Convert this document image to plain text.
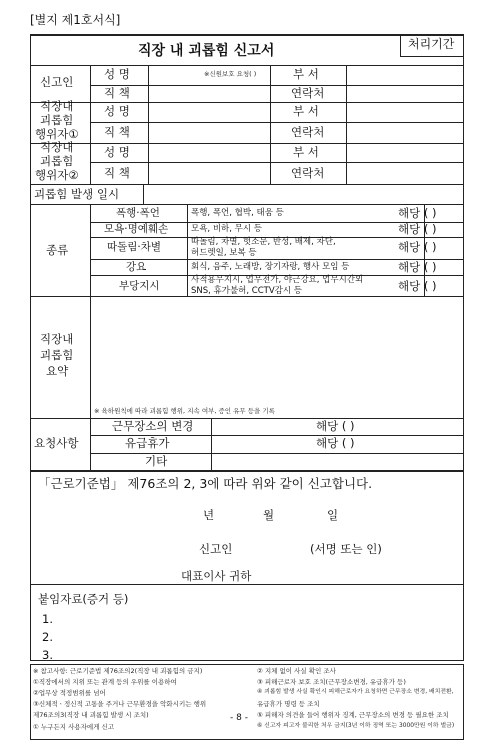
[별지 제1호서식]
직장 내 괴롭힘 신고서	처리기간
신고인
성 명	※신원보호 요청( )	부 서
직 책	연락처
직장내
괴롭힘
행위자①
성 명	부 서
직 책	연락처
직장내
괴롭힘
행위자②
성 명	부 서
직 책	연락처
괴롭힘 발생 일시
종류
폭행·폭언	폭행, 폭언, 협박, 태움 등	해당 ( )
모욕·명예훼손	모욕, 비하, 무시 등	해당 ( )
따돌림·차별	따돌림, 차별, 헛소문, 반성, 배제, 차단,
허드렛일, 보복 등	해당 ( )
강요	회식, 음주, 노래방, 장기자랑, 행사 모임 등	해당 ( )
부당지시	사적용무지시, 업무전가, 야근강요, 업무시간외
SNS, 휴가불허, CCTV감시 등	해당 ( )
직장내
괴롭힘
요약
※ 육하원칙에 따라 괴롭힘 행위, 지속 여부, 증인 유무 등을 기록
요청사항
근무장소의 변경	해당 ( )
유급휴가	해당 ( )
기타
「근로기준법」 제76조의 2, 3에 따라 위와 같이 신고합니다.
년	월	일
신고인	(서명 또는 인)
대표이사 귀하
붙임자료(증거 등)
1.
2.
3.
※ 참고사항: 근로기준법 제76조의2(직장 내 괴롭힘의 금지)
①직장에서의 지위 또는 관계 등의 우위를 이용하여
②업무상 적정범위를 넘어
③신체적ㆍ정신적 고통을 주거나 근무환경을 악화시키는 행위
제76조의3(직장 내 괴롭힘 발생 시 조치)
① 누구든지 사용자에게 신고
② 지체 없이 사실 확인 조사
③ 피해근로자 보호 조치(근무장소변경, 유급휴가 등)
④ 괴롭힘 발생 사실 확인시 피해근로자가 요청하면 근무장소 변경, 배치전환,
유급휴가 명령 등 조치
⑤ 피해자 의견을 들어 행위자 징계, 근무장소의 변경 등 필요한 조치
⑥ 신고자 피고자 불리한 처우 금지(3년 이하 징역 또는 3000만원 이하 벌금)
- 8 -
